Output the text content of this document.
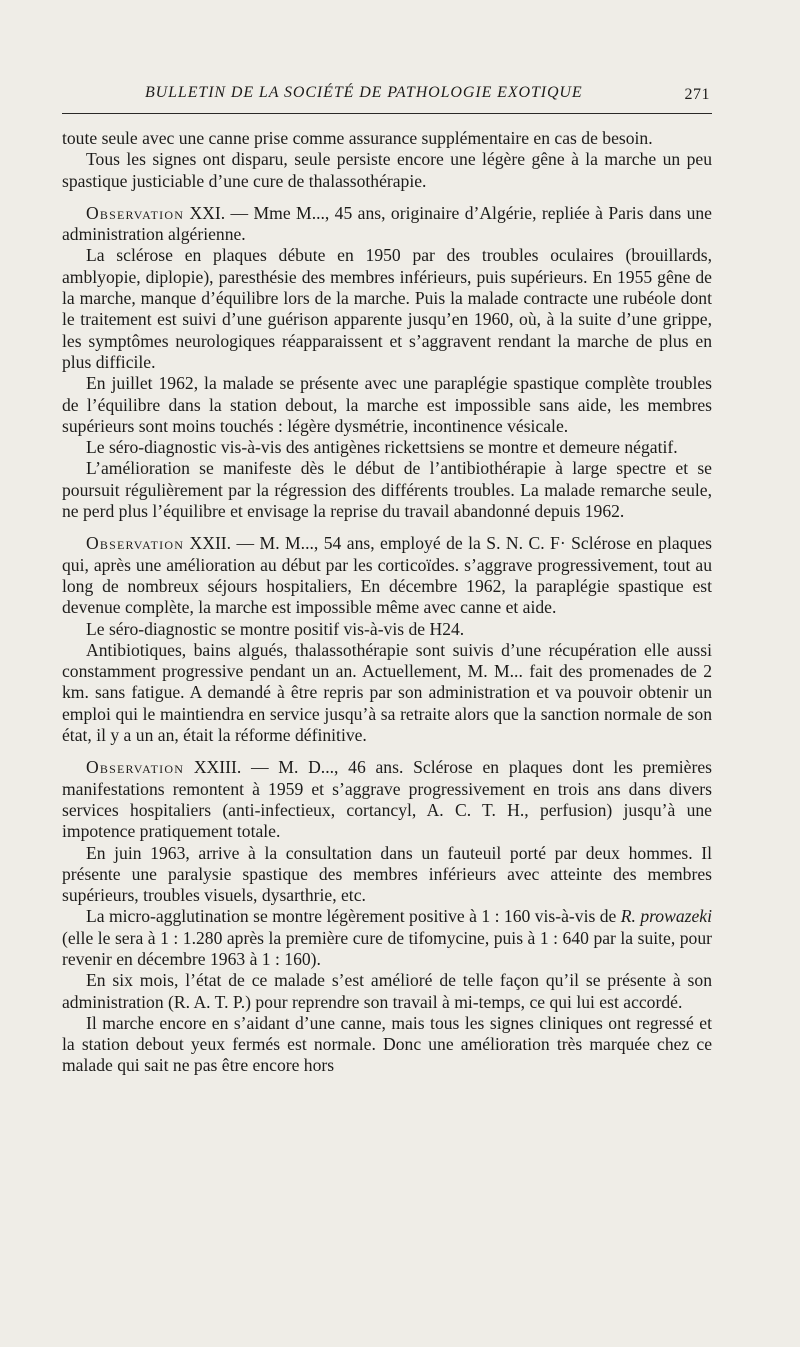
BULLETIN DE LA SOCIÉTÉ DE PATHOLOGIE EXOTIQUE	271

toute seule avec une canne prise comme assurance supplémentaire en cas de besoin.

Tous les signes ont disparu, seule persiste encore une légère gêne à la marche un peu spastique justiciable d’une cure de thalassothérapie.

Observation XXI. — Mme M..., 45 ans, originaire d’Algérie, repliée à Paris dans une administration algérienne.

La sclérose en plaques débute en 1950 par des troubles oculaires (brouillards, amblyopie, diplopie), paresthésie des membres inférieurs, puis supérieurs. En 1955 gêne de la marche, manque d’équilibre lors de la marche. Puis la malade contracte une rubéole dont le traitement est suivi d’une guérison apparente jusqu’en 1960, où, à la suite d’une grippe, les symptômes neurologiques réapparaissent et s’aggravent rendant la marche de plus en plus difficile.

En juillet 1962, la malade se présente avec une paraplégie spastique complète troubles de l’équilibre dans la station debout, la marche est impossible sans aide, les membres supérieurs sont moins touchés : légère dysmétrie, incontinence vésicale.

Le séro-diagnostic vis-à-vis des antigènes rickettsiens se montre et demeure négatif.

L’amélioration se manifeste dès le début de l’antibiothérapie à large spectre et se poursuit régulièrement par la régression des différents troubles. La malade remarche seule, ne perd plus l’équilibre et envisage la reprise du travail abandonné depuis 1962.

Observation XXII. — M. M..., 54 ans, employé de la S. N. C. F· Sclérose en plaques qui, après une amélioration au début par les corticoïdes. s’aggrave progressivement, tout au long de nombreux séjours hospitaliers, En décembre 1962, la paraplégie spastique est devenue complète, la marche est impossible même avec canne et aide.

Le séro-diagnostic se montre positif vis-à-vis de H24.

Antibiotiques, bains algués, thalassothérapie sont suivis d’une récupération elle aussi constamment progressive pendant un an. Actuellement, M. M... fait des promenades de 2 km. sans fatigue. A demandé à être repris par son administration et va pouvoir obtenir un emploi qui le maintiendra en service jusqu’à sa retraite alors que la sanction normale de son état, il y a un an, était la réforme définitive.

Observation XXIII. — M. D..., 46 ans. Sclérose en plaques dont les premières manifestations remontent à 1959 et s’aggrave progressivement en trois ans dans divers services hospitaliers (anti-infectieux, cortancyl, A. C. T. H., perfusion) jusqu’à une impotence pratiquement totale.

En juin 1963, arrive à la consultation dans un fauteuil porté par deux hommes. Il présente une paralysie spastique des membres inférieurs avec atteinte des membres supérieurs, troubles visuels, dysarthrie, etc.

La micro-agglutination se montre légèrement positive à 1 : 160 vis-à-vis de R. prowazeki (elle le sera à 1 : 1.280 après la première cure de tifomycine, puis à 1 : 640 par la suite, pour revenir en décembre 1963 à 1 : 160).

En six mois, l’état de ce malade s’est amélioré de telle façon qu’il se présente à son administration (R. A. T. P.) pour reprendre son travail à mi-temps, ce qui lui est accordé.

Il marche encore en s’aidant d’une canne, mais tous les signes cliniques ont regressé et la station debout yeux fermés est normale. Donc une amélioration très marquée chez ce malade qui sait ne pas être encore hors
